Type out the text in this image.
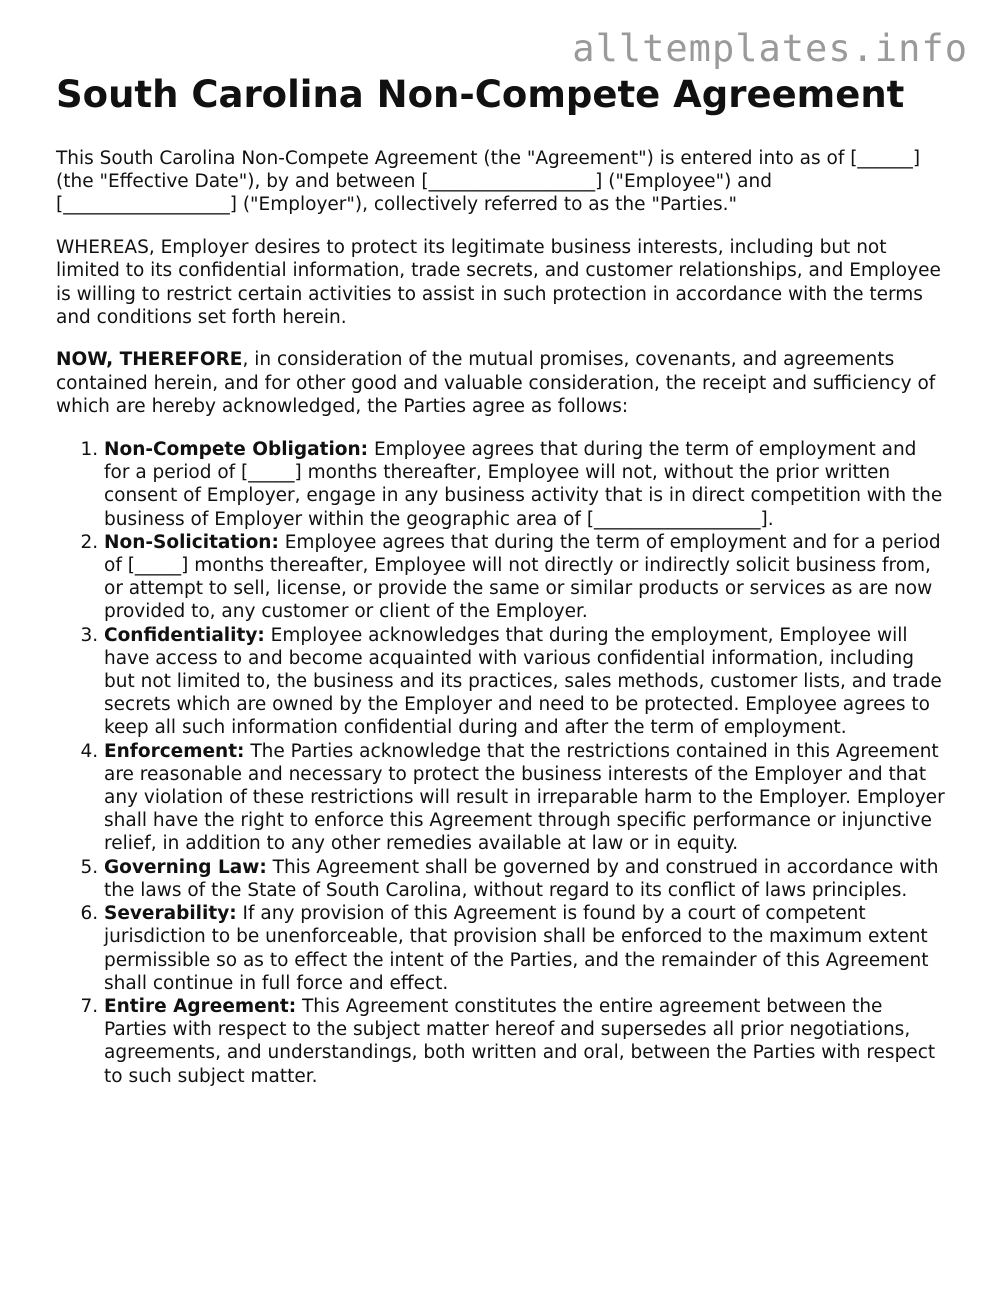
alltemplates.info
South Carolina Non-Compete Agreement

This South Carolina Non-Compete Agreement (the "Agreement") is entered into as of [______] (the "Effective Date"), by and between [__________________] ("Employee") and [__________________] ("Employer"), collectively referred to as the "Parties."

WHEREAS, Employer desires to protect its legitimate business interests, including but not limited to its confidential information, trade secrets, and customer relationships, and Employee is willing to restrict certain activities to assist in such protection in accordance with the terms and conditions set forth herein.

NOW, THEREFORE, in consideration of the mutual promises, covenants, and agreements contained herein, and for other good and valuable consideration, the receipt and sufficiency of which are hereby acknowledged, the Parties agree as follows:

1. Non-Compete Obligation: Employee agrees that during the term of employment and for a period of [_____] months thereafter, Employee will not, without the prior written consent of Employer, engage in any business activity that is in direct competition with the business of Employer within the geographic area of [__________________].
2. Non-Solicitation: Employee agrees that during the term of employment and for a period of [_____] months thereafter, Employee will not directly or indirectly solicit business from, or attempt to sell, license, or provide the same or similar products or services as are now provided to, any customer or client of the Employer.
3. Confidentiality: Employee acknowledges that during the employment, Employee will have access to and become acquainted with various confidential information, including but not limited to, the business and its practices, sales methods, customer lists, and trade secrets which are owned by the Employer and need to be protected. Employee agrees to keep all such information confidential during and after the term of employment.
4. Enforcement: The Parties acknowledge that the restrictions contained in this Agreement are reasonable and necessary to protect the business interests of the Employer and that any violation of these restrictions will result in irreparable harm to the Employer. Employer shall have the right to enforce this Agreement through specific performance or injunctive relief, in addition to any other remedies available at law or in equity.
5. Governing Law: This Agreement shall be governed by and construed in accordance with the laws of the State of South Carolina, without regard to its conflict of laws principles.
6. Severability: If any provision of this Agreement is found by a court of competent jurisdiction to be unenforceable, that provision shall be enforced to the maximum extent permissible so as to effect the intent of the Parties, and the remainder of this Agreement shall continue in full force and effect.
7. Entire Agreement: This Agreement constitutes the entire agreement between the Parties with respect to the subject matter hereof and supersedes all prior negotiations, agreements, and understandings, both written and oral, between the Parties with respect to such subject matter.
